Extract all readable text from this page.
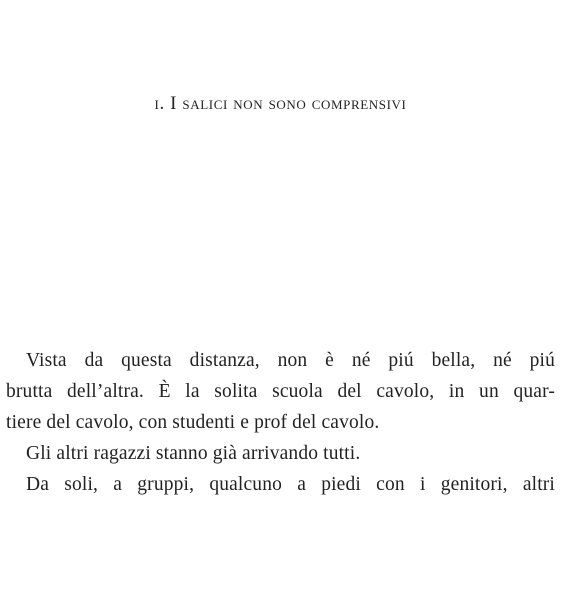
i. I salici non sono comprensivi
Vista da questa distanza, non è né piú bella, né piú
brutta dell’altra. È la solita scuola del cavolo, in un quar-
tiere del cavolo, con studenti e prof del cavolo.
Gli altri ragazzi stanno già arrivando tutti.
Da soli, a gruppi, qualcuno a piedi con i genitori, altri
